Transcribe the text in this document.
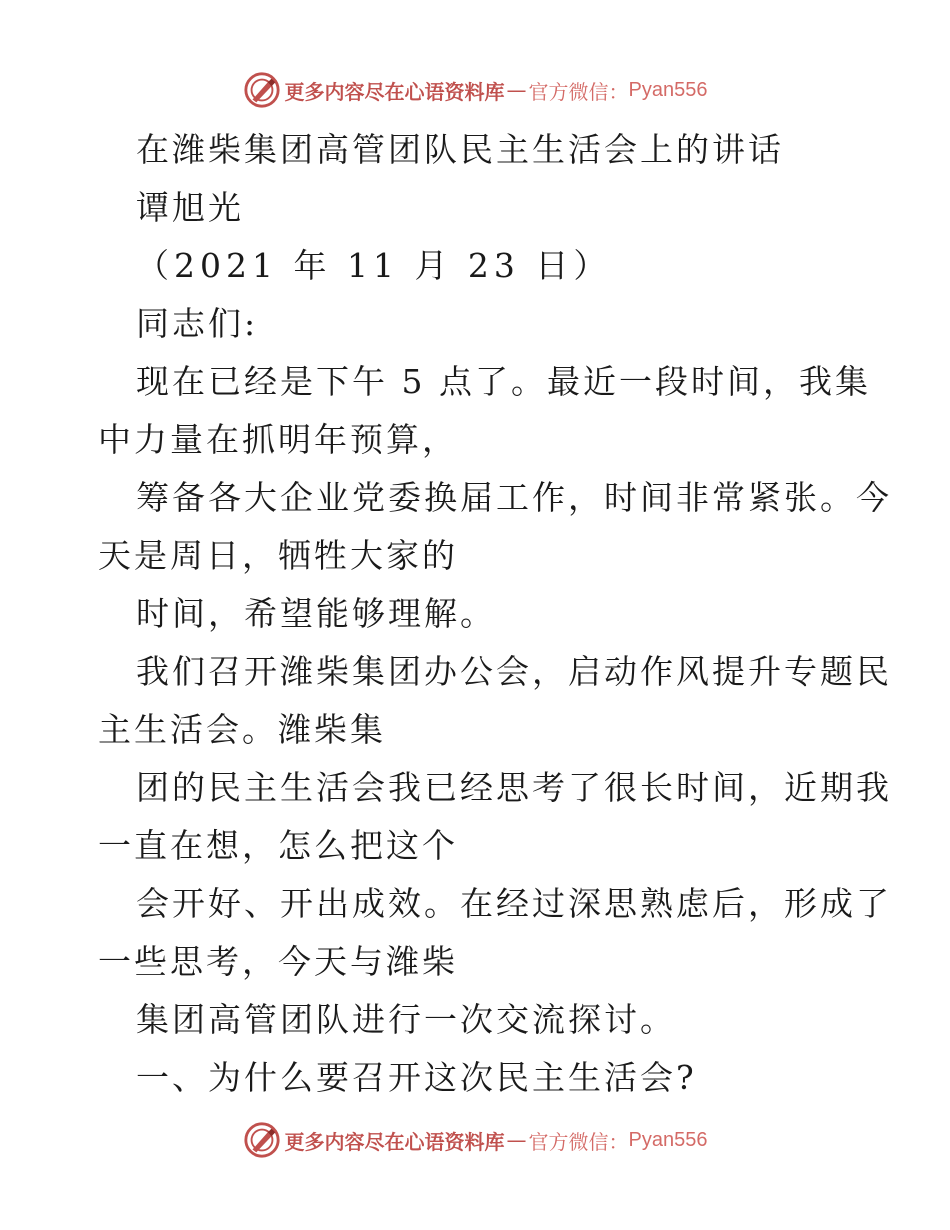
更多内容尽在心语资料库 — 官方微信： Pyan556

在潍柴集团高管团队民主生活会上的讲话

谭旭光

（2021 年 11 月 23 日）

同志们:

现在已经是下午 5 点了。最近一段时间，我集

中力量在抓明年预算，

筹备各大企业党委换届工作，时间非常紧张。今

天是周日，牺牲大家的

时间，希望能够理解。

我们召开潍柴集团办公会，启动作风提升专题民

主生活会。潍柴集

团的民主生活会我已经思考了很长时间，近期我

一直在想，怎么把这个

会开好、开出成效。在经过深思熟虑后，形成了

一些思考，今天与潍柴

集团高管团队进行一次交流探讨。

一、为什么要召开这次民主生活会?

更多内容尽在心语资料库 — 官方微信： Pyan556
